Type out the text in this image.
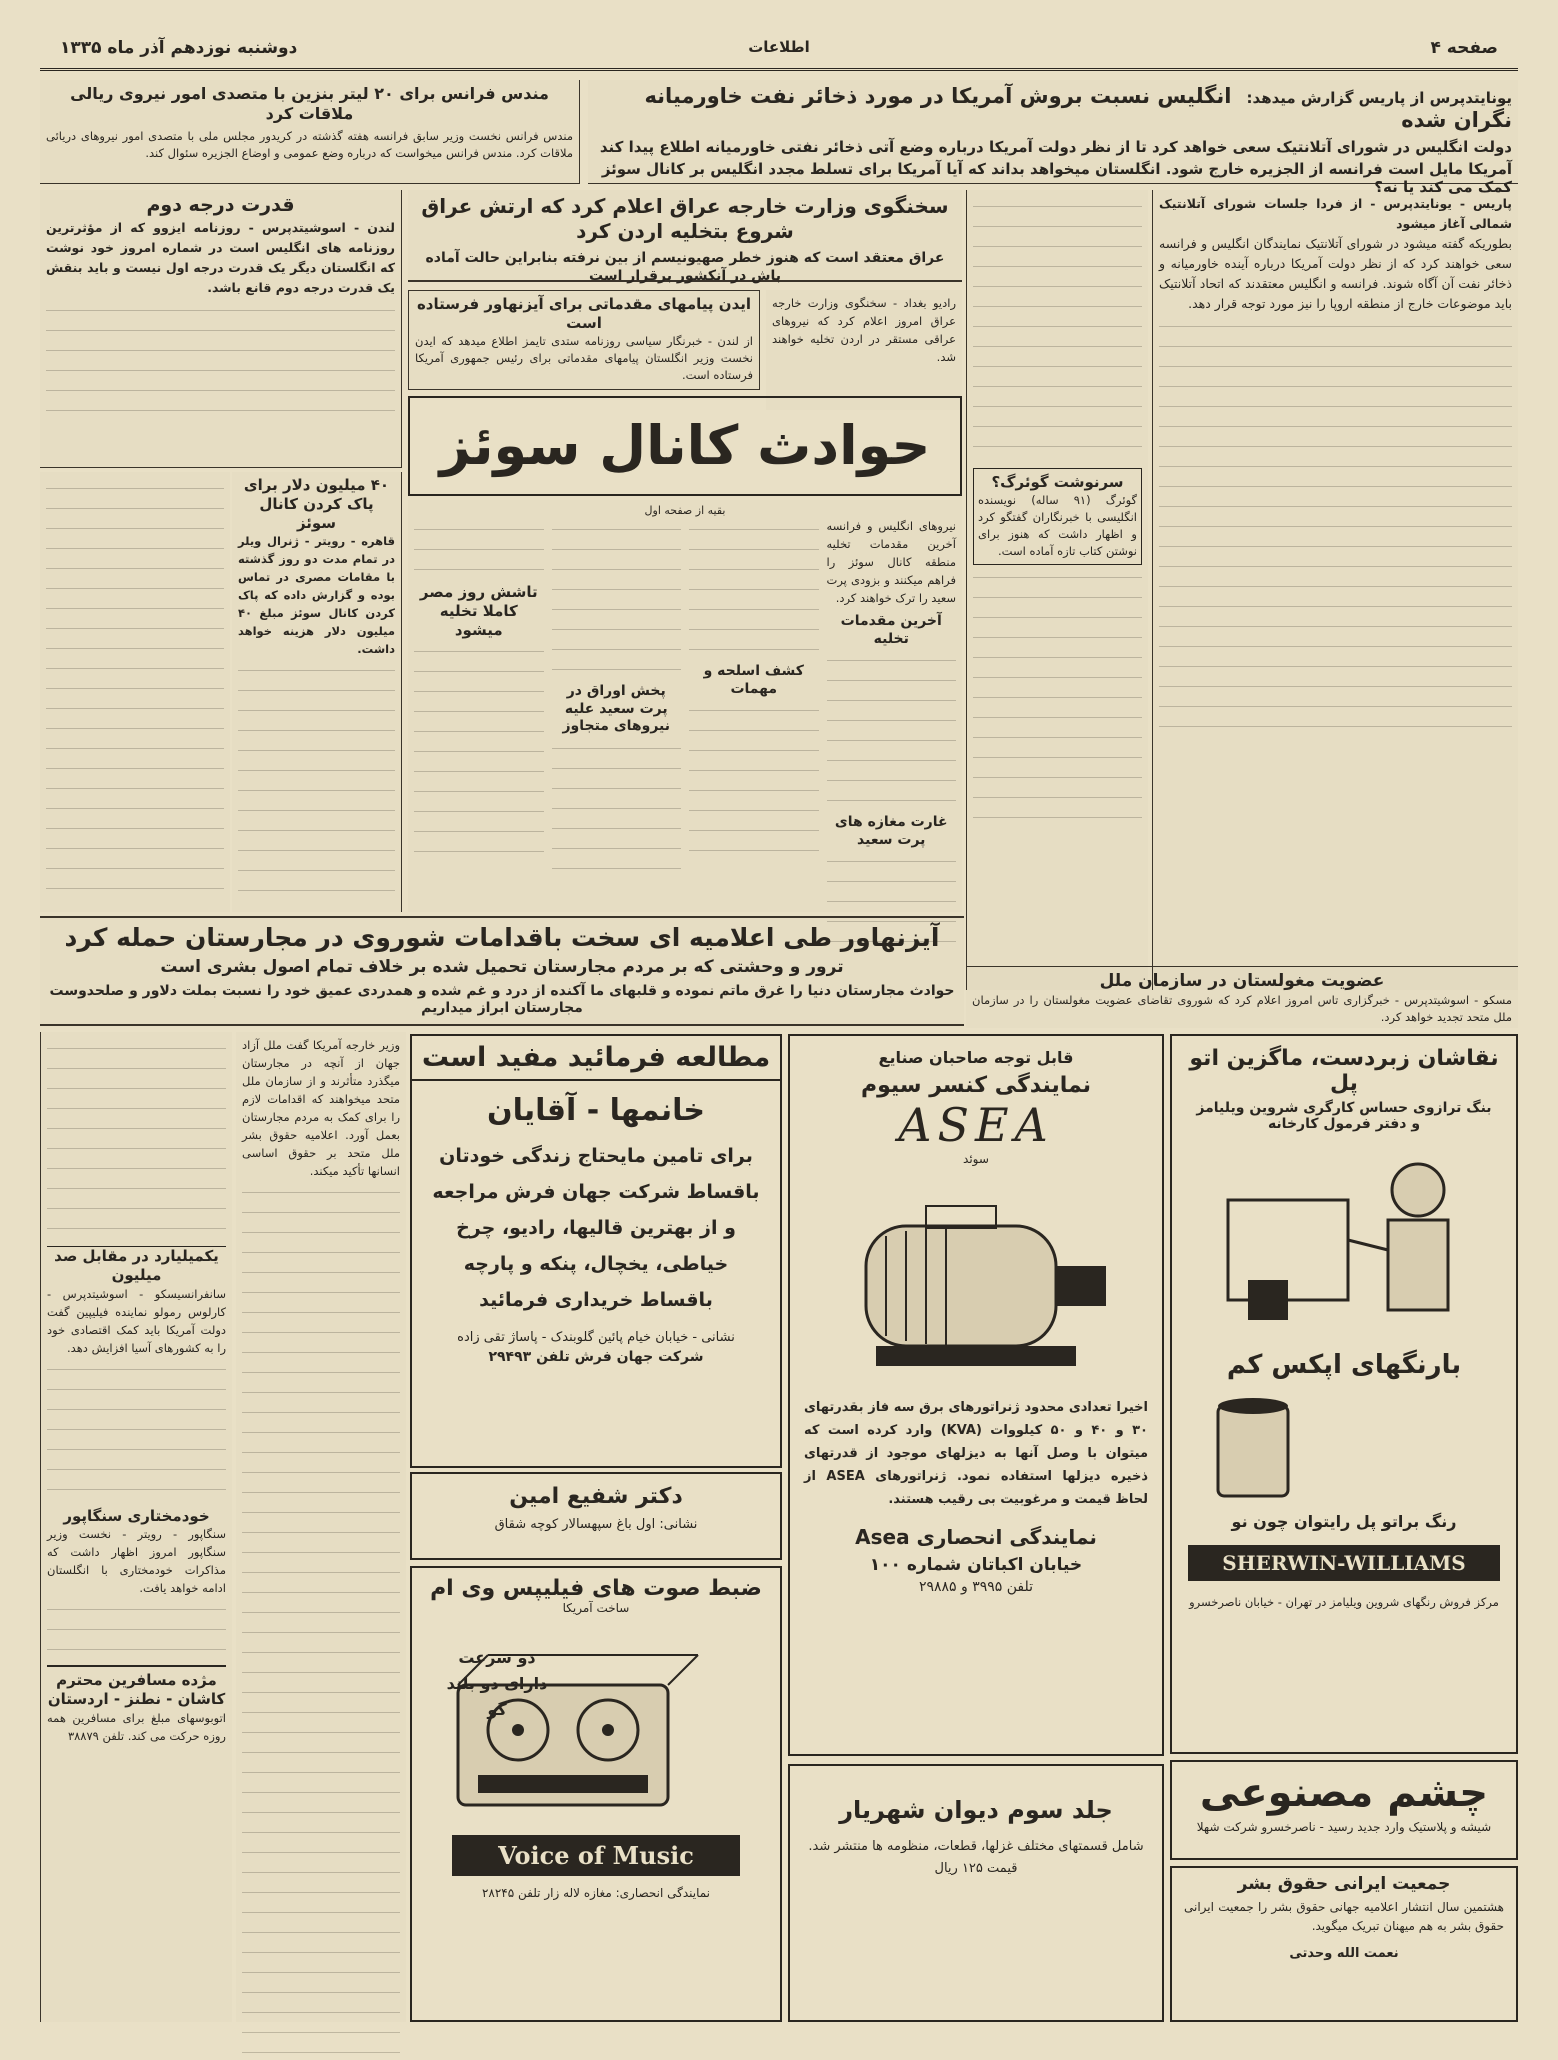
صفحه ۴
اطلاعات
دوشنبه نوزدهم آذر ماه ۱۳۳۵
یونایتدپرس از پاریس گزارش میدهد: انگلیس نسبت بروش آمریکا در مورد ذخائر نفت خاورمیانه نگران شده
دولت انگلیس در شورای آتلانتیک سعی خواهد کرد تا از نظر دولت آمریکا درباره وضع آتی ذخائر نفتی خاورمیانه اطلاع پیدا کند
آمریکا مایل است فرانسه از الجزیره خارج شود. انگلستان میخواهد بداند که آیا آمریکا برای تسلط مجدد انگلیس بر کانال سوئز کمک می کند یا نه؟
مندس فرانس برای ۲۰ لیتر بنزین با متصدی امور نیروی ریالی ملاقات کرد
مندس فرانس نخست وزیر سابق فرانسه هفته گذشته در کریدور مجلس ملی با متصدی امور نیروهای دریائی ملاقات کرد. مندس فرانس میخواست که درباره وضع عمومی و اوضاع الجزیره سئوال کند.
پاریس - یونایتدپرس - از فردا جلسات شورای آتلانتیک شمالی آغاز میشود
بطوریکه گفته میشود در شورای آتلانتیک نمایندگان انگلیس و فرانسه سعی خواهند کرد که از نظر دولت آمریکا درباره آینده خاورمیانه و ذخائر نفت آن آگاه شوند. فرانسه و انگلیس معتقدند که اتحاد آتلانتیک باید موضوعات خارج از منطقه اروپا را نیز مورد توجه قرار دهد.
سرنوشت گوئرگ؟
گوئرگ (۹۱ ساله) نویسنده انگلیسی با خبرنگاران گفتگو کرد و اظهار داشت که هنوز برای نوشتن کتاب تازه آماده است.
سخنگوی وزارت خارجه عراق اعلام کرد که ارتش عراق شروع بتخلیه اردن کرد
عراق معتقد است که هنوز خطر صهیونیسم از بین نرفته بنابراین حالت آماده باش در آنکشور برقرار است
رادیو بغداد - سخنگوی وزارت خارجه عراق امروز اعلام کرد که نیروهای عراقی مستقر در اردن تخلیه خواهند شد.
ایدن پیامهای مقدماتی برای آیزنهاور فرستاده است
از لندن - خبرنگار سیاسی روزنامه ستدی تایمز اطلاع میدهد که ایدن نخست وزیر انگلستان پیامهای مقدماتی برای رئیس جمهوری آمریکا فرستاده است.
حوادث کانال سوئز
بقیه از صفحه اول
نیروهای انگلیس و فرانسه آخرین مقدمات تخلیه منطقه کانال سوئز را فراهم میکنند و بزودی پرت سعید را ترک خواهند کرد.
آخرین مقدمات تخلیه
غارت مغازه های پرت سعید
کشف اسلحه و مهمات
پخش اوراق در پرت سعید علیه نیروهای متجاوز
تاشش روز مصر کاملا تخلیه میشود
قدرت درجه دوم
لندن - اسوشیتدپرس - روزنامه ایزوو که از مؤثرترین روزنامه های انگلیس است در شماره امروز خود نوشت که انگلستان دیگر یک قدرت درجه اول نیست و باید بنقش یک قدرت درجه دوم قانع باشد.
۴۰ میلیون دلار برای پاک کردن کانال سوئز
قاهره - رویتر - ژنرال ویلر در تمام مدت دو روز گذشته با مقامات مصری در تماس بوده و گزارش داده که پاک کردن کانال سوئز مبلغ ۴۰ میلیون دلار هزینه خواهد داشت.
آیزنهاور طی اعلامیه ای سخت باقدامات شوروی در مجارستان حمله کرد
ترور و وحشتی که بر مردم مجارستان تحمیل شده بر خلاف تمام اصول بشری است
حوادث مجارستان دنیا را غرق ماتم نموده و قلبهای ما آکنده از درد و غم شده و همدردی عمیق خود را نسبت بملت دلاور و صلحدوست مجارستان ابراز میداریم
عضویت مغولستان در سازمان ملل
مسکو - اسوشیتدپرس - خبرگزاری تاس امروز اعلام کرد که شوروی تقاضای عضویت مغولستان را در سازمان ملل متحد تجدید خواهد کرد.
یکمیلیارد در مقابل صد میلیون
سانفرانسیسکو - اسوشیتدپرس - کارلوس رمولو نماینده فیلیپین گفت دولت آمریکا باید کمک اقتصادی خود را به کشورهای آسیا افزایش دهد.
خودمختاری سنگاپور
سنگاپور - رویتر - نخست وزیر سنگاپور امروز اظهار داشت که مذاکرات خودمختاری با انگلستان ادامه خواهد یافت.
مژده مسافرین محترم کاشان - نطنز - اردستان
اتوبوسهای مبلغ برای مسافرین همه روزه حرکت می کند. تلفن ۳۸۸۷۹
وزیر خارجه آمریکا گفت ملل آزاد جهان از آنچه در مجارستان میگذرد متأثرند و از سازمان ملل متحد میخواهند که اقدامات لازم را برای کمک به مردم مجارستان بعمل آورد. اعلامیه حقوق بشر ملل متحد بر حقوق اساسی انسانها تأکید میکند.
مطالعه فرمائید مفید است
خانمها - آقایان
برای تامین مایحتاج زندگی خودتان باقساط شرکت جهان فرش مراجعه و از بهترین قالیها، رادیو، چرخ خیاطی، یخچال، پنکه و پارچه باقساط خریداری فرمائید
نشانی - خیابان خیام پائین گلوبندک - پاساژ تقی زاده
شرکت جهان فرش تلفن ۲۹۴۹۳
دکتر شفیع امین
نشانی: اول باغ سپهسالار کوچه شقاق
ضبط صوت های فیلیپس وی ام
ساخت آمریکا
دو سرعت دارای دو بلند گو
Voice of Music
نمایندگی انحصاری: مغازه لاله زار تلفن ۲۸۲۴۵
قابل توجه صاحبان صنایع
نمایندگی کنسر سیوم
ASEA
سوئد
اخیرا تعدادی محدود ژنراتورهای برق سه فاز بقدرتهای ۳۰ و ۴۰ و ۵۰ کیلووات (KVA) وارد کرده است که میتوان با وصل آنها به دیزلهای موجود از قدرتهای ذخیره دیزلها استفاده نمود. ژنراتورهای ASEA از لحاظ قیمت و مرغوبیت بی رقیب هستند.
نمایندگی انحصاری Asea
خیابان اکباتان شماره ۱۰۰
تلفن ۳۹۹۵ و ۲۹۸۸۵
جلد سوم دیوان شهریار
شامل قسمتهای مختلف غزلها، قطعات، منظومه ها منتشر شد. قیمت ۱۲۵ ریال
نقاشان زبردست، ماگزین اتو پل
بنگ ترازوی حساس کارگری شروین ویلیامز و دفتر فرمول کارخانه
بارنگهای اپکس کم
رنگ براتو پل رایتوان چون نو
SHERWIN-WILLIAMS
مرکز فروش رنگهای شروین ویلیامز در تهران - خیابان ناصرخسرو
چشم مصنوعی
شیشه و پلاستیک وارد جدید رسید - ناصرخسرو شرکت شهلا
جمعیت ایرانی حقوق بشر
هشتمین سال انتشار اعلامیه جهانی حقوق بشر را جمعیت ایرانی حقوق بشر به هم میهنان تبریک میگوید.
نعمت الله وحدتی
